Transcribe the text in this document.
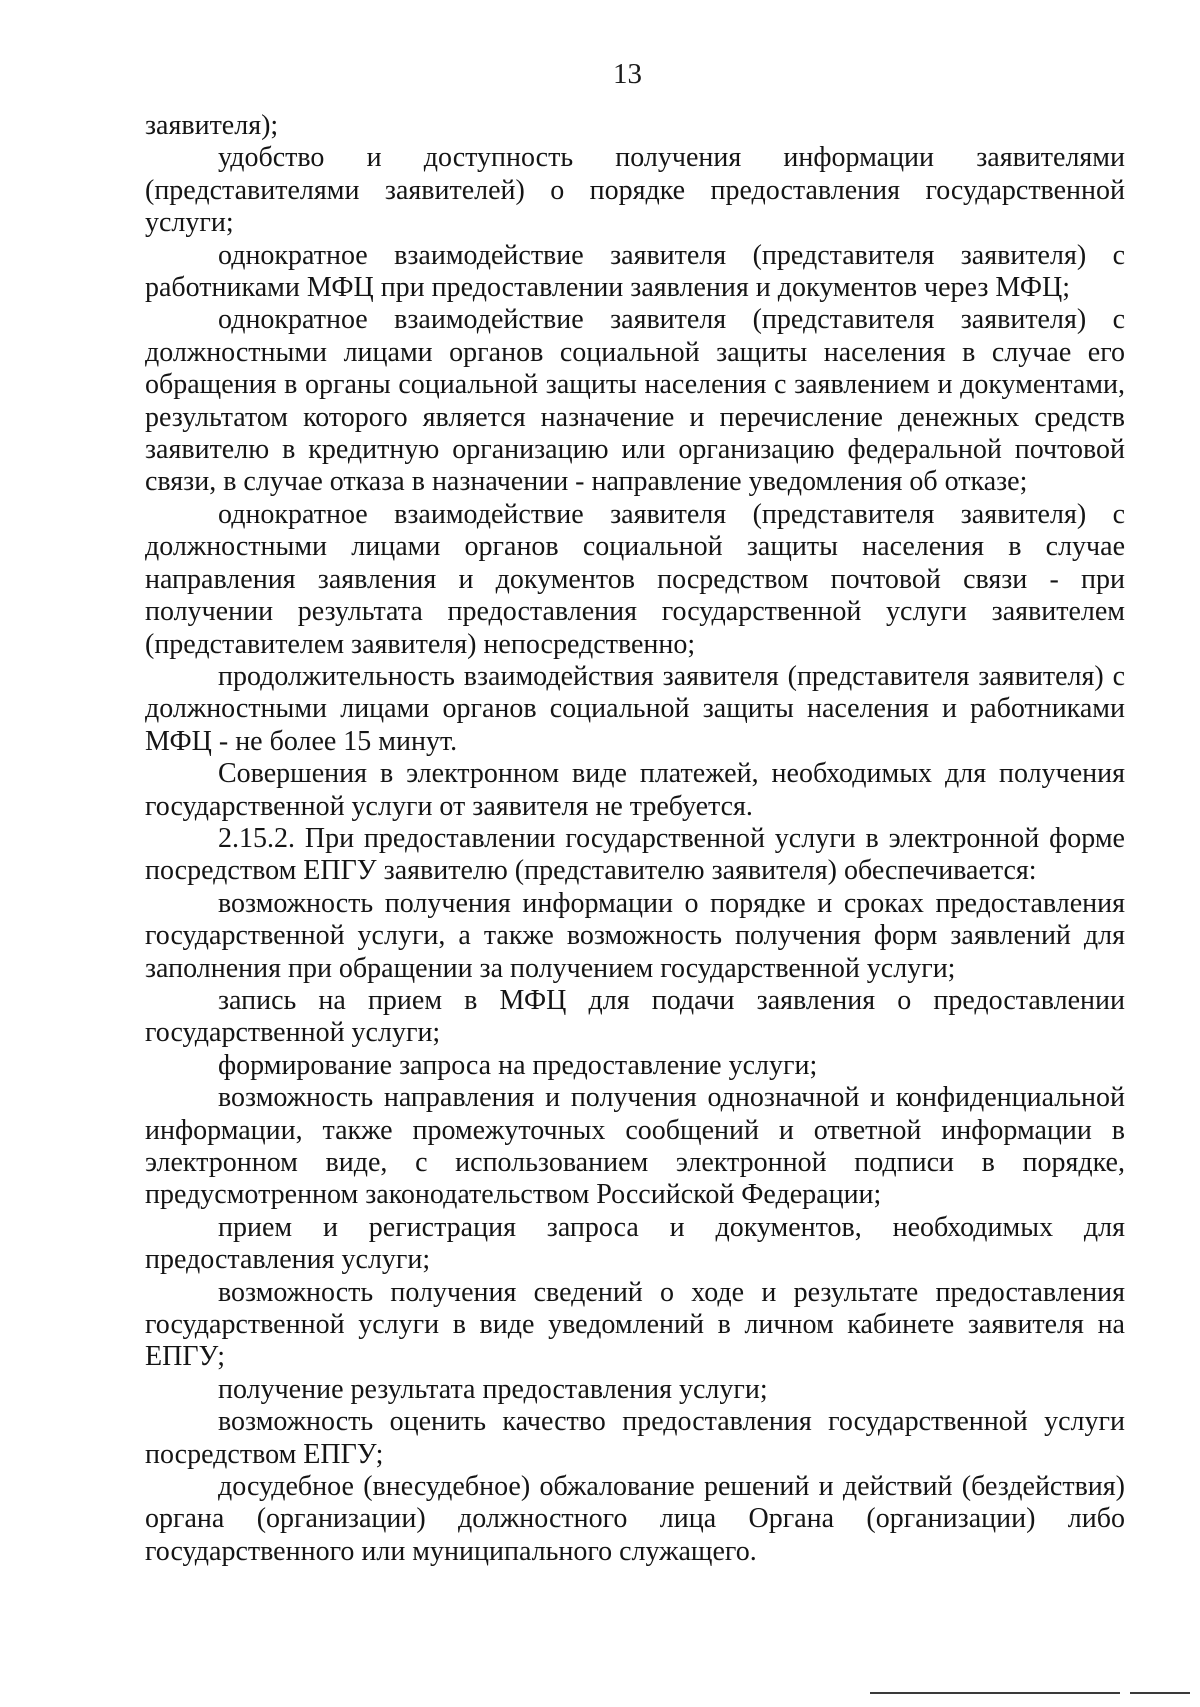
13

заявителя);

удобство и доступность получения информации заявителями (представителями заявителей) о порядке предоставления государственной услуги;

однократное взаимодействие заявителя (представителя заявителя) с работниками МФЦ при предоставлении заявления и документов через МФЦ;

однократное взаимодействие заявителя (представителя заявителя) с должностными лицами органов социальной защиты населения в случае его обращения в органы социальной защиты населения с заявлением и документами, результатом которого является назначение и перечисление денежных средств заявителю в кредитную организацию или организацию федеральной почтовой связи, в случае отказа в назначении - направление уведомления об отказе;

однократное взаимодействие заявителя (представителя заявителя) с должностными лицами органов социальной защиты населения в случае направления заявления и документов посредством почтовой связи - при получении результата предоставления государственной услуги заявителем (представителем заявителя) непосредственно;

продолжительность взаимодействия заявителя (представителя заявителя) с должностными лицами органов социальной защиты населения и работниками МФЦ - не более 15 минут.

Совершения в электронном виде платежей, необходимых для получения государственной услуги от заявителя не требуется.

2.15.2. При предоставлении государственной услуги в электронной форме посредством ЕПГУ заявителю (представителю заявителя) обеспечивается:

возможность получения информации о порядке и сроках предоставления государственной услуги, а также возможность получения форм заявлений для заполнения при обращении за получением государственной услуги;

запись на прием в МФЦ для подачи заявления о предоставлении государственной услуги;

формирование запроса на предоставление услуги;

возможность направления и получения однозначной и конфиденциальной информации, также промежуточных сообщений и ответной информации в электронном виде, с использованием электронной подписи в порядке, предусмотренном законодательством Российской Федерации;

прием и регистрация запроса и документов, необходимых для предоставления услуги;

возможность получения сведений о ходе и результате предоставления государственной услуги в виде уведомлений в личном кабинете заявителя на ЕПГУ;

получение результата предоставления услуги;

возможность оценить качество предоставления государственной услуги посредством ЕПГУ;

досудебное (внесудебное) обжалование решений и действий (бездействия) органа (организации) должностного лица Органа (организации) либо государственного или муниципального служащего.
